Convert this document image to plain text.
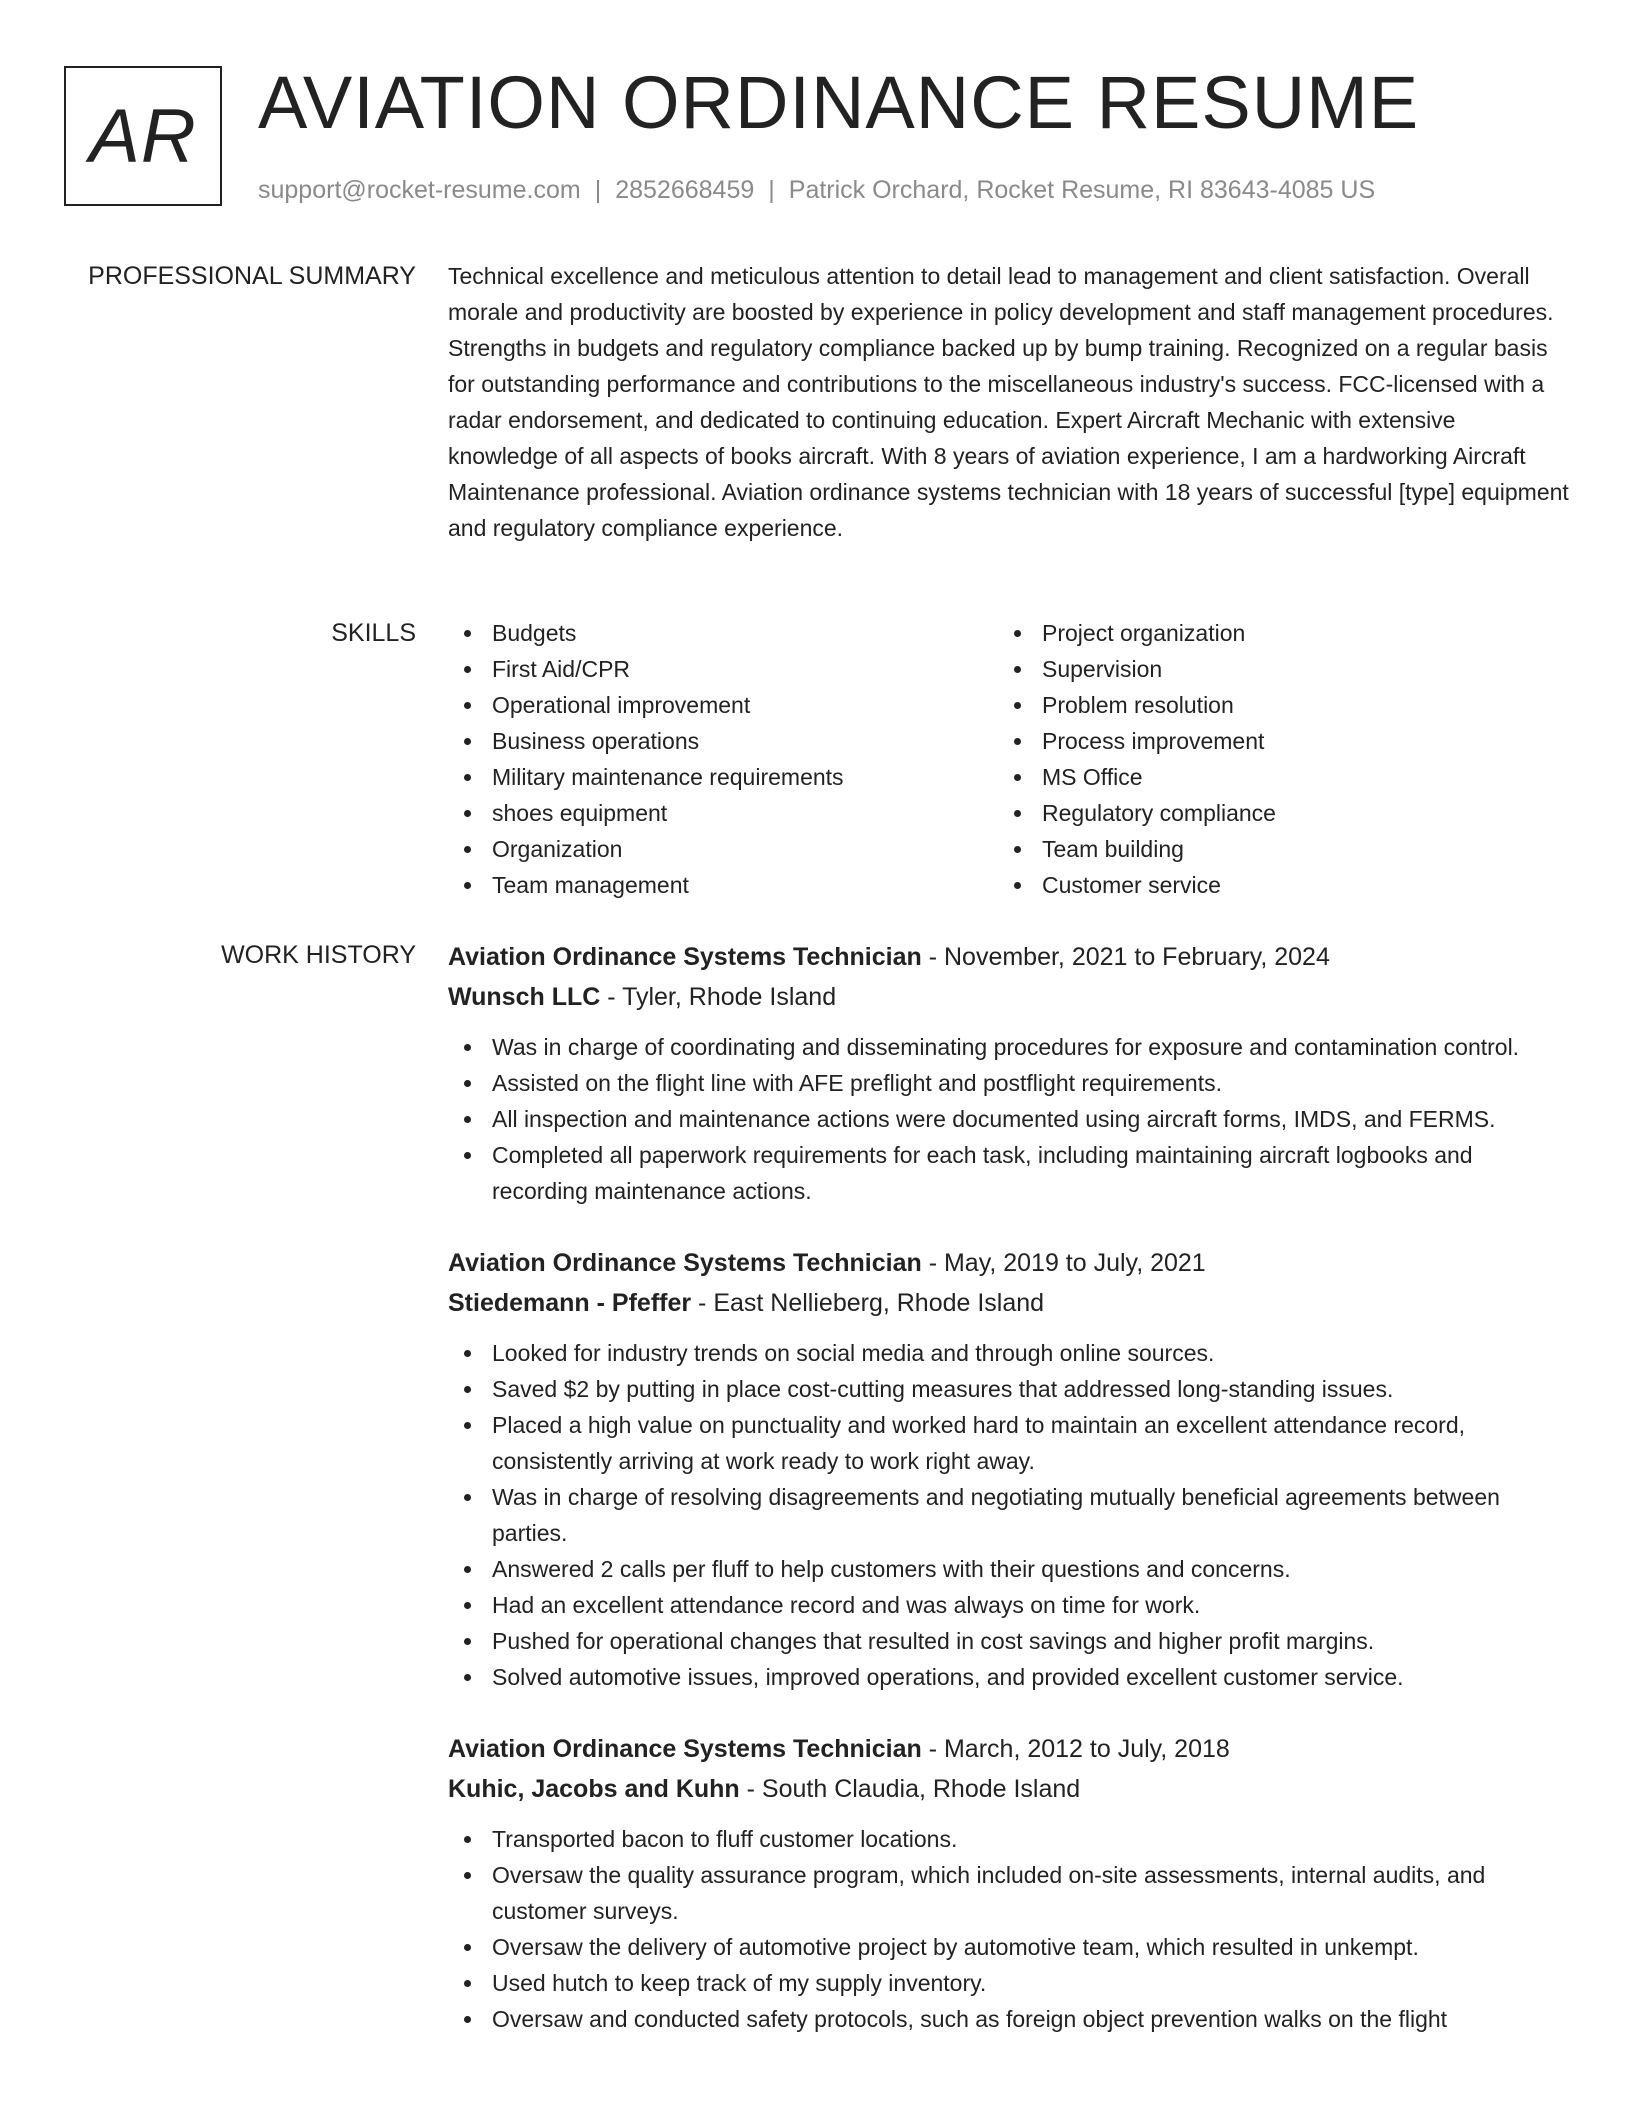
AR AVIATION ORDINANCE RESUME
support@rocket-resume.com | 2852668459 | Patrick Orchard, Rocket Resume, RI 83643-4085 US
PROFESSIONAL SUMMARY Technical excellence and meticulous attention to detail lead to management and client satisfaction. Overall morale and productivity are boosted by experience in policy development and staff management procedures. Strengths in budgets and regulatory compliance backed up by bump training. Recognized on a regular basis for outstanding performance and contributions to the miscellaneous industry's success. FCC-licensed with a radar endorsement, and dedicated to continuing education. Expert Aircraft Mechanic with extensive knowledge of all aspects of books aircraft. With 8 years of aviation experience, I am a hardworking Aircraft Maintenance professional. Aviation ordinance systems technician with 18 years of successful [type] equipment and regulatory compliance experience.

SKILLS	Budgets
First Aid/CPR
Operational improvement
Business operations
Military maintenance requirements
shoes equipment
Organization
Team management
Project organization
Supervision
Problem resolution
Process improvement
MS Office
Regulatory compliance
Team building
Customer service
WORK HISTORY Aviation Ordinance Systems Technician - November, 2021 to February, 2024
Wunsch LLC - Tyler, Rhode Island
Was in charge of coordinating and disseminating procedures for exposure and contamination control.
Assisted on the flight line with AFE preflight and postflight requirements.
All inspection and maintenance actions were documented using aircraft forms, IMDS, and FERMS.
Completed all paperwork requirements for each task, including maintaining aircraft logbooks and recording maintenance actions.
Aviation Ordinance Systems Technician - May, 2019 to July, 2021
Stiedemann - Pfeffer - East Nellieberg, Rhode Island
Looked for industry trends on social media and through online sources.
Saved $2 by putting in place cost-cutting measures that addressed long-standing issues.
Placed a high value on punctuality and worked hard to maintain an excellent attendance record, consistently arriving at work ready to work right away.
Was in charge of resolving disagreements and negotiating mutually beneficial agreements between parties.
Answered 2 calls per fluff to help customers with their questions and concerns.
Had an excellent attendance record and was always on time for work.
Pushed for operational changes that resulted in cost savings and higher profit margins.
Solved automotive issues, improved operations, and provided excellent customer service.
Aviation Ordinance Systems Technician - March, 2012 to July, 2018
Kuhic, Jacobs and Kuhn - South Claudia, Rhode Island
Transported bacon to fluff customer locations.
Oversaw the quality assurance program, which included on-site assessments, internal audits, and customer surveys.
Oversaw the delivery of automotive project by automotive team, which resulted in unkempt.
Used hutch to keep track of my supply inventory.
Oversaw and conducted safety protocols, such as foreign object prevention walks on the flight
